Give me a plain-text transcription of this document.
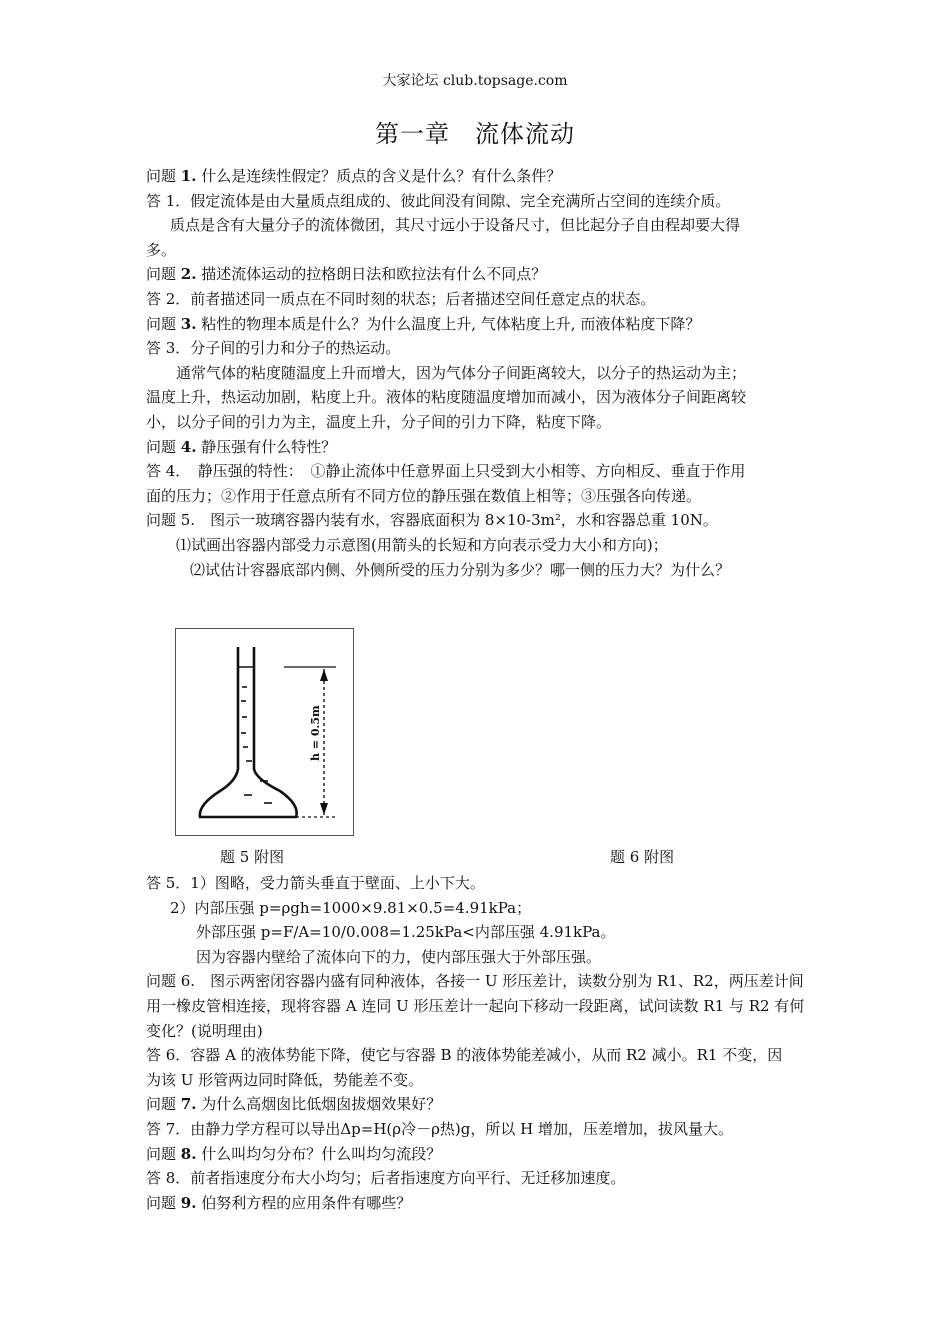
大家论坛 club.topsage.com
第一章　流体流动
问题 1. 什么是连续性假定？质点的含义是什么？有什么条件？
答 1．假定流体是由大量质点组成的、彼此间没有间隙、完全充满所占空间的连续介质。
质点是含有大量分子的流体微团，其尺寸远小于设备尺寸，但比起分子自由程却要大得
多。
问题 2. 描述流体运动的拉格朗日法和欧拉法有什么不同点？
答 2．前者描述同一质点在不同时刻的状态；后者描述空间任意定点的状态。
问题 3. 粘性的物理本质是什么？为什么温度上升, 气体粘度上升, 而液体粘度下降？
答 3．分子间的引力和分子的热运动。
通常气体的粘度随温度上升而增大，因为气体分子间距离较大，以分子的热运动为主；
温度上升，热运动加剧，粘度上升。液体的粘度随温度增加而减小，因为液体分子间距离较
小，以分子间的引力为主，温度上升，分子间的引力下降，粘度下降。
问题 4. 静压强有什么特性？
答 4．　静压强的特性：　①静止流体中任意界面上只受到大小相等、方向相反、垂直于作用
面的压力；②作用于任意点所有不同方位的静压强在数值上相等；③压强各向传递。
问题 5.　图示一玻璃容器内装有水，容器底面积为 8×10-3m²，水和容器总重 10N。
⑴试画出容器内部受力示意图(用箭头的长短和方向表示受力大小和方向)；
⑵试估计容器底部内侧、外侧所受的压力分别为多少？哪一侧的压力大？为什么？
h = 0.5m
题 5 附图	题 6 附图
答 5．1）图略，受力箭头垂直于壁面、上小下大。
2）内部压强 p=ρgh=1000×9.81×0.5=4.91kPa；
外部压强 p=F/A=10/0.008=1.25kPa<内部压强 4.91kPa。
因为容器内壁给了流体向下的力，使内部压强大于外部压强。
问题 6.　图示两密闭容器内盛有同种液体，各接一 U 形压差计，读数分别为 R1、R2，两压差计间
用一橡皮管相连接，现将容器 A 连同 U 形压差计一起向下移动一段距离，试问读数 R1 与 R2 有何
变化？(说明理由)
答 6．容器 A 的液体势能下降，使它与容器 B 的液体势能差减小，从而 R2 减小。R1 不变，因
为该 U 形管两边同时降低，势能差不变。
问题 7. 为什么高烟囱比低烟囱拔烟效果好？
答 7．由静力学方程可以导出Δp=H(ρ冷－ρ热)g，所以 H 增加，压差增加，拔风量大。
问题 8. 什么叫均匀分布？什么叫均匀流段？
答 8．前者指速度分布大小均匀；后者指速度方向平行、无迁移加速度。
问题 9. 伯努利方程的应用条件有哪些？
